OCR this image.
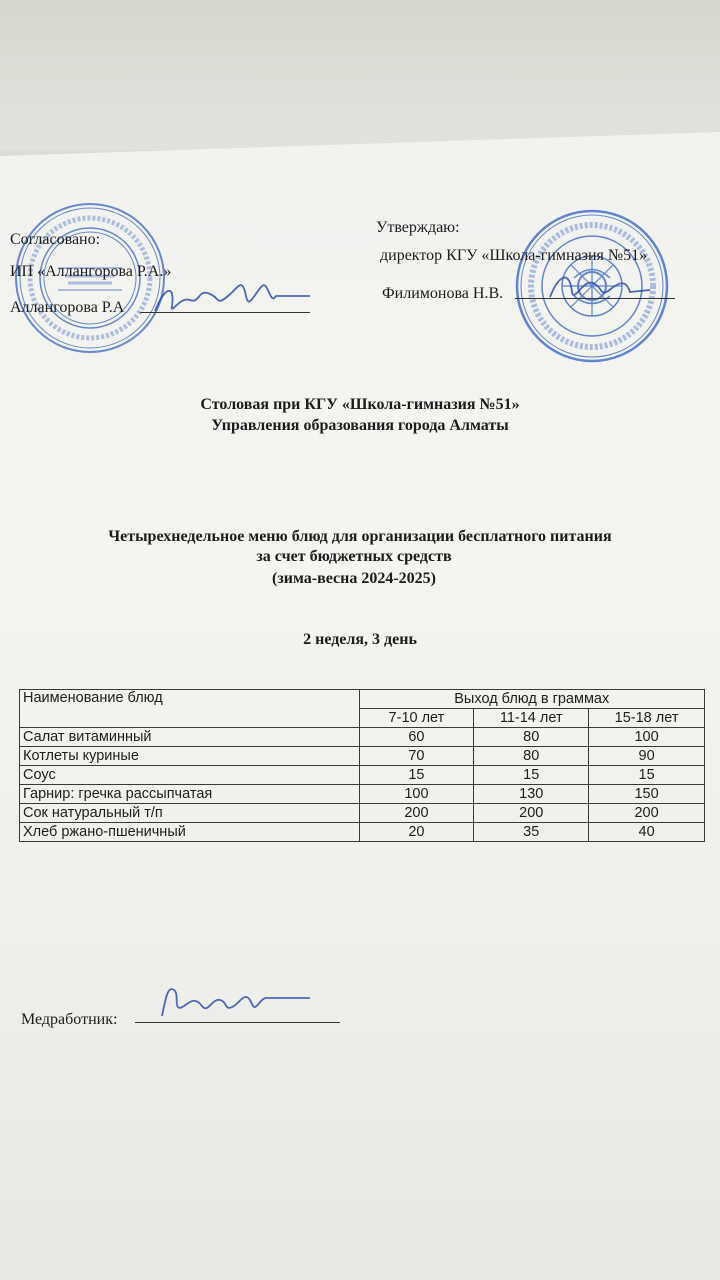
Согласовано:
ИП «Аллангорова Р.А.»
Аллангорова Р.А
Утверждаю:
директор КГУ «Школа-гимназия №51»
Филимонова Н.В.
Столовая при КГУ «Школа-гимназия №51»
Управления образования города Алматы
Четырехнедельное меню блюд для организации бесплатного питания
за счет бюджетных средств
(зима-весна 2024-2025)
2 неделя, 3 день
Наименование блюд	Выход блюд в граммах		
	7-10 лет	11-14 лет	15-18 лет
Салат витаминный	60	80	100
Котлеты куриные	70	80	90
Соус	15	15	15
Гарнир: гречка рассыпчатая	100	130	150
Сок натуральный т/п	200	200	200
Хлеб ржано-пшеничный	20	35	40
Медработник:
